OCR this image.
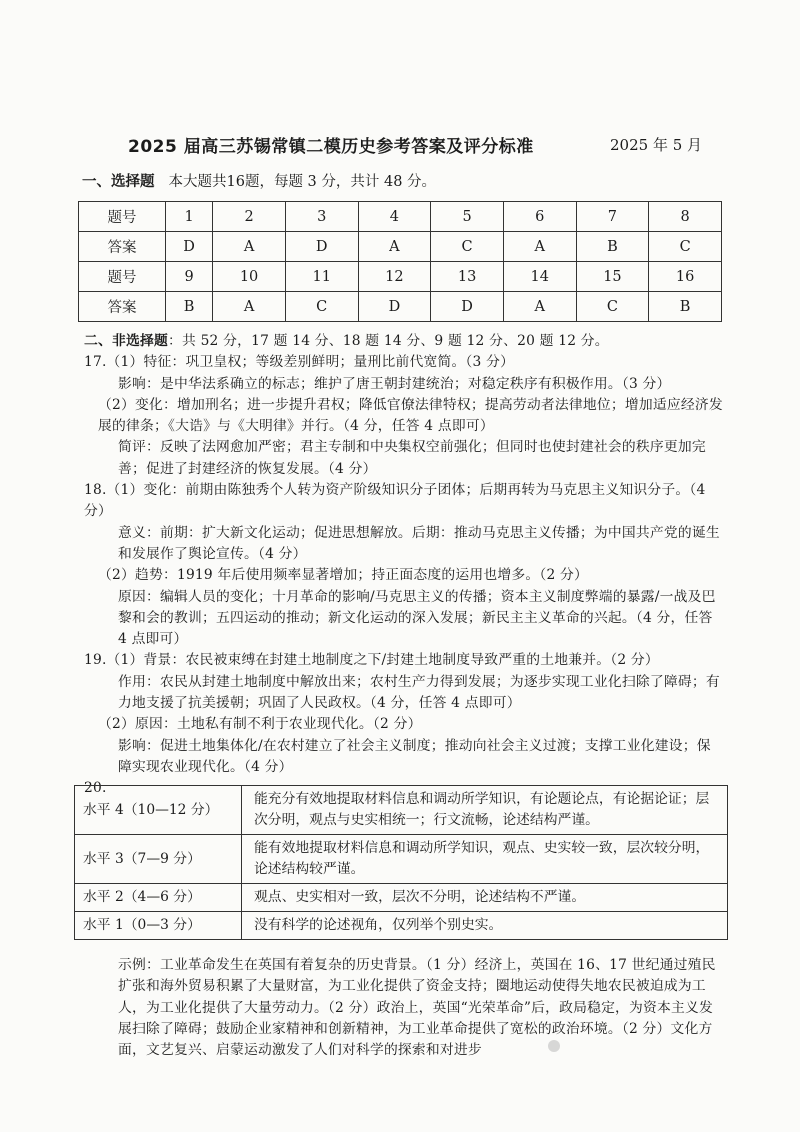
2025 届高三苏锡常镇二模历史参考答案及评分标准	2025 年 5 月
一、选择题 本大题共16题，每题 3 分，共计 48 分。
题号	1	2	3	4	5	6	7	8
答案	D	A	D	A	C	A	B	C
题号	9	10	11	12	13	14	15	16
答案	B	A	C	D	D	A	C	B

二、非选择题：共 52 分，17 题 14 分、18 题 14 分、9 题 12 分、20 题 12 分。

17.（1）特征：巩卫皇权；等级差别鲜明；量刑比前代宽简。（3 分）

影响：是中华法系确立的标志；维护了唐王朝封建统治；对稳定秩序有积极作用。（3 分）

（2）变化：增加刑名；进一步提升君权；降低官僚法律特权；提高劳动者法律地位；增加适应经济发展的律条；《大诰》与《大明律》并行。（4 分，任答 4 点即可）

简评：反映了法网愈加严密；君主专制和中央集权空前强化；但同时也使封建社会的秩序更加完善；促进了封建经济的恢复发展。（4 分）

18.（1）变化：前期由陈独秀个人转为资产阶级知识分子团体；后期再转为马克思主义知识分子。（4 分）

意义：前期：扩大新文化运动；促进思想解放。后期：推动马克思主义传播；为中国共产党的诞生和发展作了舆论宣传。（4 分）

（2）趋势：1919 年后使用频率显著增加；持正面态度的运用也增多。（2 分）

原因：编辑人员的变化；十月革命的影响/马克思主义的传播；资本主义制度弊端的暴露/一战及巴黎和会的教训；五四运动的推动；新文化运动的深入发展；新民主主义革命的兴起。（4 分，任答 4 点即可）

19.（1）背景：农民被束缚在封建土地制度之下/封建土地制度导致严重的土地兼并。（2 分）

作用：农民从封建土地制度中解放出来；农村生产力得到发展；为逐步实现工业化扫除了障碍；有力地支援了抗美援朝；巩固了人民政权。（4 分，任答 4 点即可）

（2）原因：土地私有制不利于农业现代化。（2 分）

影响：促进土地集体化/在农村建立了社会主义制度；推动向社会主义过渡；支撑工业化建设；保障实现农业现代化。（4 分）

20.

水平 4（10—12 分）	能充分有效地提取材料信息和调动所学知识，有论题论点，有论据论证；层次分明，观点与史实相统一；行文流畅，论述结构严谨。
水平 3（7—9 分）	能有效地提取材料信息和调动所学知识，观点、史实较一致，层次较分明，论述结构较严谨。
水平 2（4—6 分）	观点、史实相对一致，层次不分明，论述结构不严谨。
水平 1（0—3 分）	没有科学的论述视角，仅列举个别史实。

示例：工业革命发生在英国有着复杂的历史背景。（1 分）经济上，英国在 16、17 世纪通过殖民扩张和海外贸易积累了大量财富，为工业化提供了资金支持；圈地运动使得失地农民被迫成为工人，为工业化提供了大量劳动力。（2 分）政治上，英国“光荣革命”后，政局稳定，为资本主义发展扫除了障碍；鼓励企业家精神和创新精神，为工业革命提供了宽松的政治环境。（2 分）文化方面，文艺复兴、启蒙运动激发了人们对科学的探索和对进步
